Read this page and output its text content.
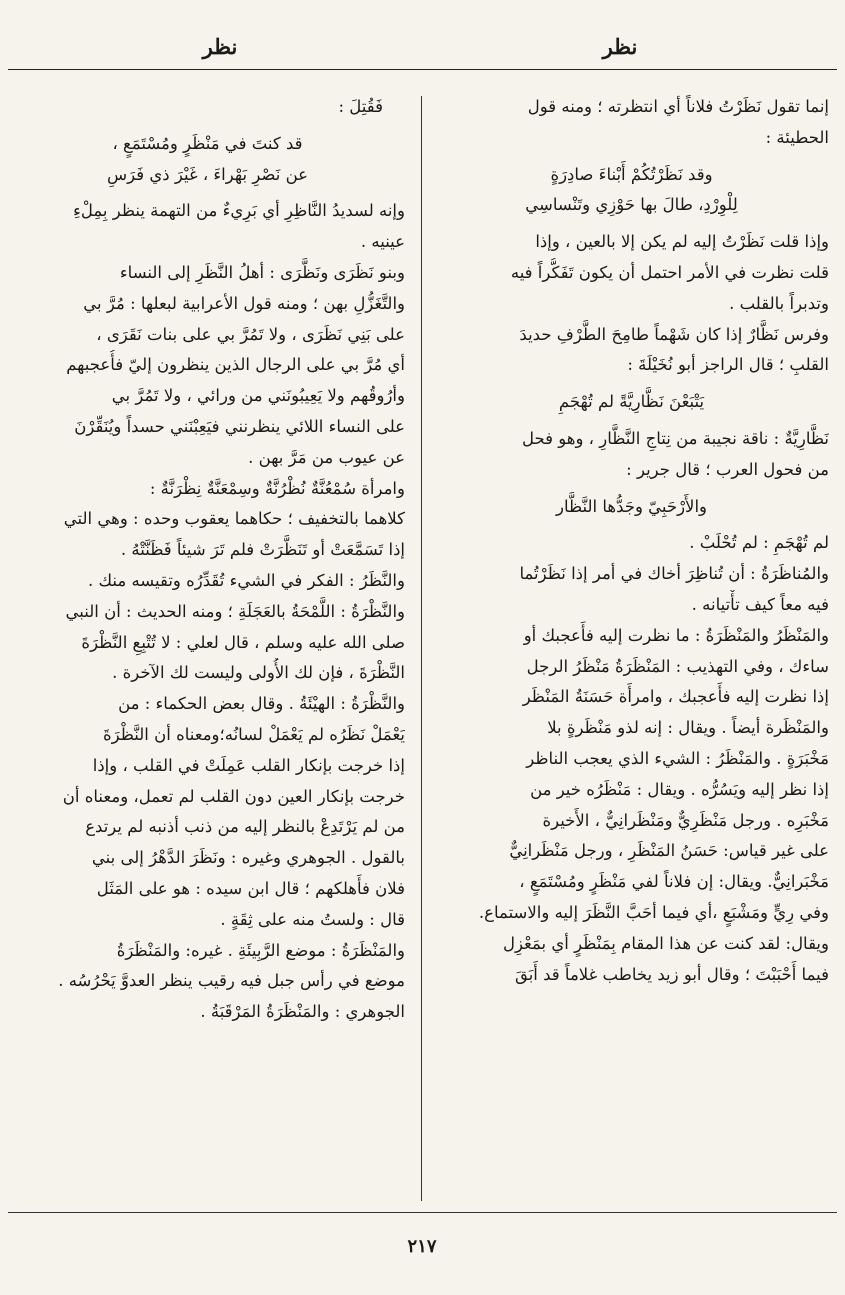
نظر
نظر
إنما تقول نَظَرْتُ فلاناً أي انتظرته ؛ ومنه قول
الحطيئة :
وقد نَظَرْتُكُمْ أَبْناءَ صادِرَةٍ
لِلْوِرْدِ، طالَ بها حَوْزِي وتَنْساسِي
وإذا قلت نَظَرْتُ إليه لم يكن إلا بالعين ، وإذا
قلت نظرت في الأمر احتمل أن يكون تَفَكُّراً فيه
وتدبراً بالقلب .
وفرس نَظَّارٌ إذا كان شَهْماً طامِحَ الطَّرْفِ حديدَ
القلبِ ؛ قال الراجز أبو نُخَيْلَةَ :
يَتْبَعْنَ نَظَّارِيَّةً لم تُهْجَمِ
نَظَّارِيَّةٌ : ناقة نجيبة من نِتاجِ النَّظَّارِ ، وهو فحل
من فحول العرب ؛ قال جرير :
والأَرْحَبِيّ وجَدُّها النَّظَّار
لم تُهْجَمِ : لم تُحْلَبْ .
والمُناظَرَةُ : أن تُناظِرَ أخاك في أمر إذا نَظَرْتُما
فيه معاً كيف تأْتيانه .
والمَنْظَرُ والمَنْظَرَةُ : ما نظرت إليه فأَعجبك أو
ساءك ، وفي التهذيب : المَنْظَرَةُ مَنْظَرُ الرجل
إذا نظرت إليه فأَعجبك ، وامرأَة حَسَنَةُ المَنْظَر
والمَنْظَرة أيضاً . ويقال : إنه لذو مَنْظَرةٍ بلا
مَخْبَرَةٍ . والمَنْظَرُ : الشيء الذي يعجب الناظر
إذا نظر إليه ويَسُرُّه . ويقال : مَنْظَرُه خير من
مَخْبَرِه . ورجل مَنْظَرِيٌّ ومَنْظَرانِيٌّ ، الأَخيرة
على غير قياس: حَسَنُ المَنْظَرِ ، ورجل مَنْظَرانِيٌّ
مَخْبَرانِيٌّ. ويقال: إن فلاناً لفي مَنْظَرٍ ومُسْتَمَعٍ ،
وفي رِيٍّ ومَشْبَعٍ ،أي فيما أحَبَّ النَّظَرَ إليه والاستماع.
ويقال: لقد كنت عن هذا المقام بِمَنْظَرٍ أي بمَعْزِل
فيما أَحْبَبْتَ ؛ وقال أبو زيد يخاطب غلاماً قد أَبَقَ
فَقُتِلَ :
قد كنتَ في مَنْظَرٍ ومُسْتَمَعٍ ،
عن نَصْرِ بَهْراءَ ، غَيْرَ ذي فَرَسِ
وإنه لسديدُ النَّاظِرِ أي بَرِيءٌ من التهمة ينظر بِمِلْءِ
عينيه .
وبنو نَظَرَى ونَظَّرَى : أهلُ النَّظَرِ إلى النساء
والتَّغَزُّلِ بهن ؛ ومنه قول الأعرابية لبعلها : مُرَّ بي
على بَنِي نَظَرَى ، ولا تَمُرَّ بي على بنات نَقَرَى ،
أي مُرَّ بي على الرجال الذين ينظرون إليّ فأُعجبهم
وأرُوقُهم ولا يَعِيبُونَني من ورائي ، ولا تَمُرَّ بي
على النساء اللائي ينظرنني فيَعِبْنَني حسداً ويُنَقِّرْنَ
عن عيوب من مَرَّ بهن .
وامرأة سُمْعُنَّةٌ نُظْرُنَّةٌ وسِمْعَنَّةٌ نِظْرَنَّةٌ :
كلاهما بالتخفيف ؛ حكاهما يعقوب وحده : وهي التي
إذا تَسَمَّعَتْ أو تَنَظَّرَتْ فلم تَرَ شيئاً فَظَنَّتْهُ .
والنَّظَرُ : الفكر في الشيء تُقَدِّرُه وتقيسه منك .
والنَّظْرَةُ : اللَّمْحَةُ بالعَجَلَةِ ؛ ومنه الحديث : أن النبي
صلى الله عليه وسلم ، قال لعلي : لا تُتْبِعِ النَّظْرَةَ
النَّظْرَةَ ، فإن لك الأُولى وليست لك الآخرة .
والنَّظْرَةُ : الهيْئَةُ . وقال بعض الحكماء : من
يَعْمَلْ نَظَرُه لم يَعْمَلْ لسانُه؛ومعناه أن النَّظْرَةَ
إذا خرجت بإنكار القلب عَمِلَتْ في القلب ، وإذا
خرجت بإنكار العين دون القلب لم تعمل، ومعناه أن
من لم يَرْتَدِعْ بالنظر إليه من ذنب أذنبه لم يرتدع
بالقول . الجوهري وغيره : ونَظَرَ الدَّهْرُ إلى بني
فلان فأَهلكهم ؛ قال ابن سيده : هو على المَثَل
قال : ولستُ منه على ثِقَةٍ .
والمَنْظَرَةُ : موضع الرَّبِيئَةِ . غيره: والمَنْظَرَةُ
موضع في رأس جبل فيه رقيب ينظر العدوَّ يَحْرُسُه .
الجوهري : والمَنْظَرَةُ المَرْقَبَةُ .
٢١٧
